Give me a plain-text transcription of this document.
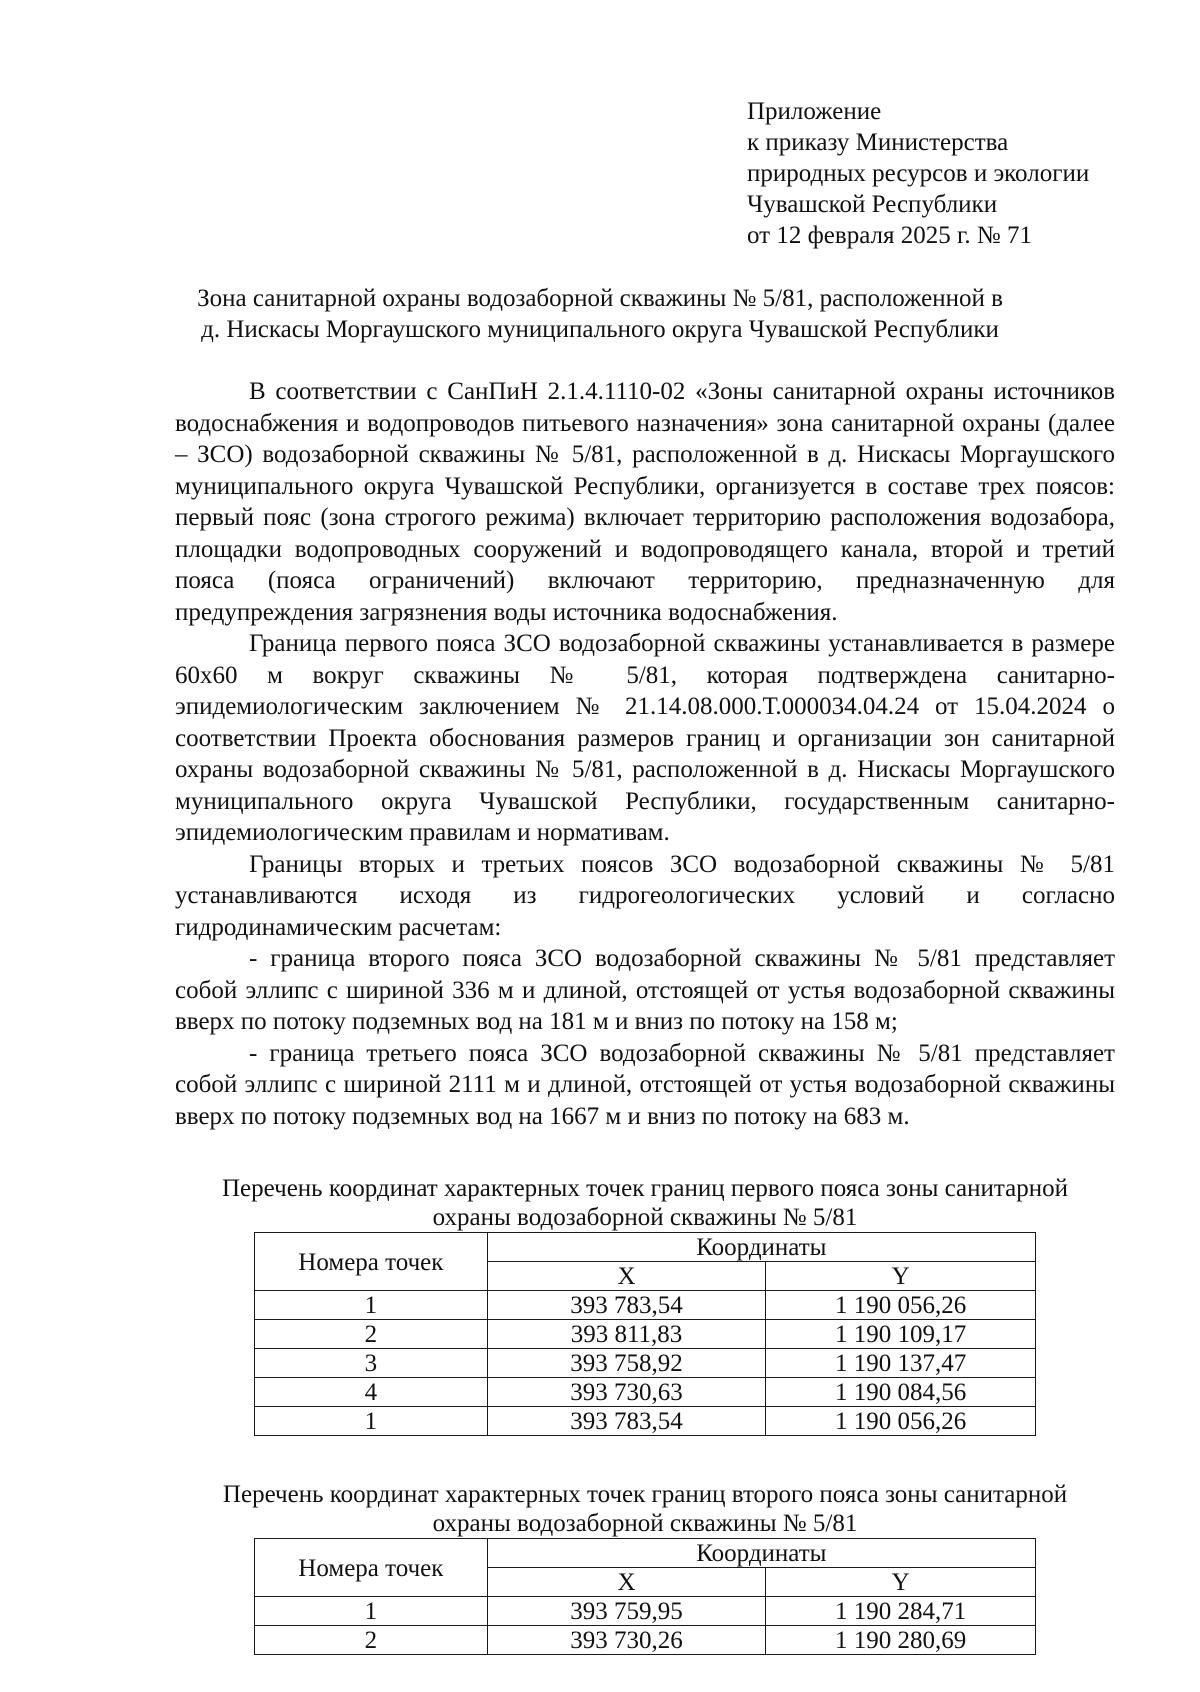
Приложение
к приказу Министерства
природных ресурсов и экологии
Чувашской Республики
от 12 февраля 2025 г. № 71
Зона санитарной охраны водозаборной скважины № 5/81, расположенной в
д. Нискасы Моргаушского муниципального округа Чувашской Республики

В соответствии с СанПиН 2.1.4.1110-02 «Зоны санитарной охраны источников водоснабжения и водопроводов питьевого назначения» зона санитарной охраны (далее – ЗСО) водозаборной скважины № 5/81, расположенной в д. Нискасы Моргаушского муниципального округа Чувашской Республики, организуется в составе трех поясов: первый пояс (зона строгого режима) включает территорию расположения водозабора, площадки водопроводных сооружений и водопроводящего канала, второй и третий пояса (пояса ограничений) включают территорию, предназначенную для предупреждения загрязнения воды источника водоснабжения.

Граница первого пояса ЗСО водозаборной скважины устанавливается в размере 60х60 м вокруг скважины № 5/81, которая подтверждена санитарно-эпидемиологическим заключением № 21.14.08.000.Т.000034.04.24 от 15.04.2024 о соответствии Проекта обоснования размеров границ и организации зон санитарной охраны водозаборной скважины № 5/81, расположенной в д. Нискасы Моргаушского муниципального округа Чувашской Республики, государственным санитарно-эпидемиологическим правилам и нормативам.

Границы вторых и третьих поясов ЗСО водозаборной скважины № 5/81 устанавливаются исходя из гидрогеологических условий и согласно гидродинамическим расчетам:

- граница второго пояса ЗСО водозаборной скважины № 5/81 представляет собой эллипс с шириной 336 м и длиной, отстоящей от устья водозаборной скважины вверх по потоку подземных вод на 181 м и вниз по потоку на 158 м;

- граница третьего пояса ЗСО водозаборной скважины № 5/81 представляет собой эллипс с шириной 2111 м и длиной, отстоящей от устья водозаборной скважины вверх по потоку подземных вод на 1667 м и вниз по потоку на 683 м.

Перечень координат характерных точек границ первого пояса зоны санитарной
охраны водозаборной скважины № 5/81
Номера точек	Координаты	
	X	Y
1	393 783,54	1 190 056,26
2	393 811,83	1 190 109,17
3	393 758,92	1 190 137,47
4	393 730,63	1 190 084,56
1	393 783,54	1 190 056,26
Перечень координат характерных точек границ второго пояса зоны санитарной
охраны водозаборной скважины № 5/81
Номера точек	Координаты	
	X	Y
1	393 759,95	1 190 284,71
2	393 730,26	1 190 280,69
